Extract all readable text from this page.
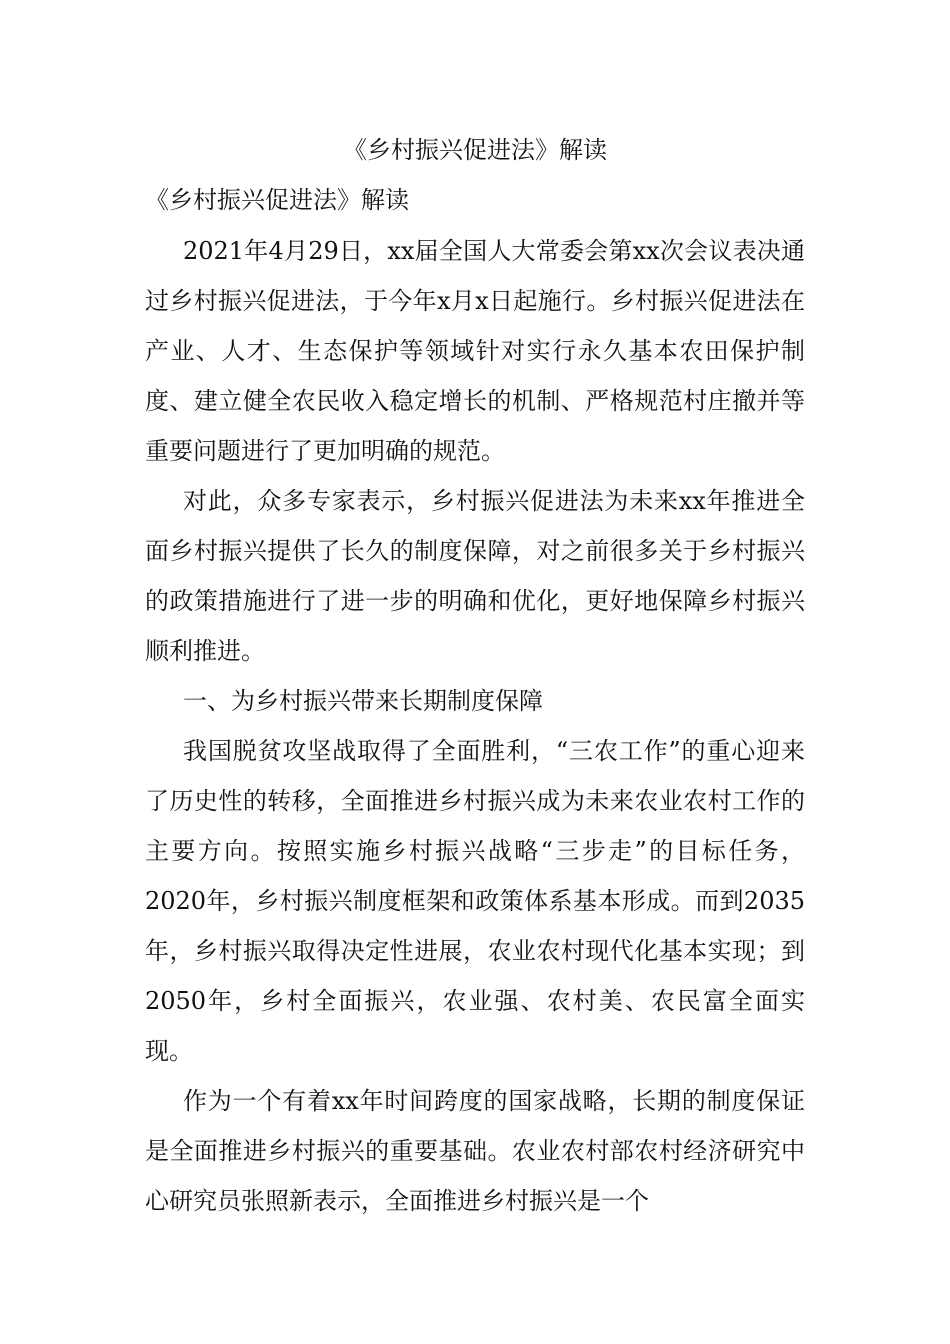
《乡村振兴促进法》解读

《乡村振兴促进法》解读

2021年4月29日，xx届全国人大常委会第xx次会议表决通过乡村振兴促进法，于今年x月x日起施行。乡村振兴促进法在产业、人才、生态保护等领域针对实行永久基本农田保护制度、建立健全农民收入稳定增长的机制、严格规范村庄撤并等重要问题进行了更加明确的规范。

对此，众多专家表示，乡村振兴促进法为未来xx年推进全面乡村振兴提供了长久的制度保障，对之前很多关于乡村振兴的政策措施进行了进一步的明确和优化，更好地保障乡村振兴顺利推进。

一、为乡村振兴带来长期制度保障

我国脱贫攻坚战取得了全面胜利，“三农工作”的重心迎来了历史性的转移，全面推进乡村振兴成为未来农业农村工作的主要方向。按照实施乡村振兴战略“三步走”的目标任务，2020年，乡村振兴制度框架和政策体系基本形成。而到2035年，乡村振兴取得决定性进展，农业农村现代化基本实现；到2050年，乡村全面振兴，农业强、农村美、农民富全面实现。

作为一个有着xx年时间跨度的国家战略，长期的制度保证是全面推进乡村振兴的重要基础。农业农村部农村经济研究中心研究员张照新表示，全面推进乡村振兴是一个
